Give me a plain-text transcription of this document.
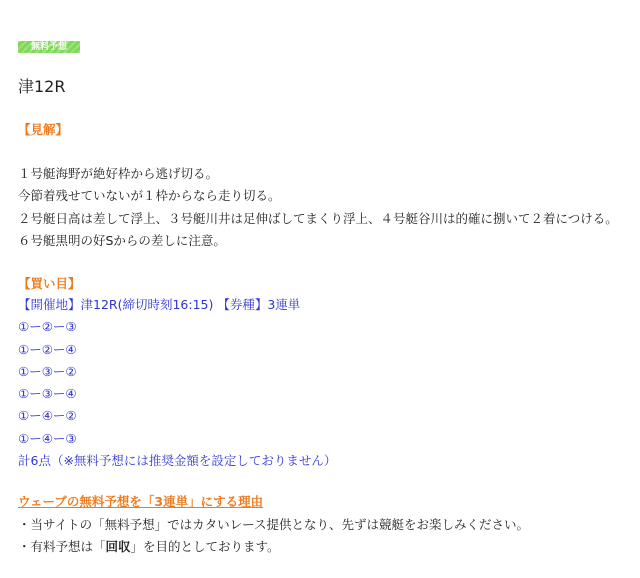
無料予想
津12R
【見解】
１号艇海野が絶好枠から逃げ切る。
今節着残せていないが１枠からなら走り切る。
２号艇日高は差して浮上、３号艇川井は足伸ばしてまくり浮上、４号艇谷川は的確に捌いて２着につける。
６号艇黒明の好Sからの差しに注意。
【買い目】
【開催地】津12R(締切時刻16:15) 【券種】3連単
①ー②ー③
①ー②ー④
①ー③ー②
①ー③ー④
①ー④ー②
①ー④ー③
計6点（※無料予想には推奨金額を設定しておりません）
ウェーブの無料予想を「3連単」にする理由
・当サイトの「無料予想」ではカタいレース提供となり、先ずは競艇をお楽しみください。
・有料予想は「回収」を目的としております。
